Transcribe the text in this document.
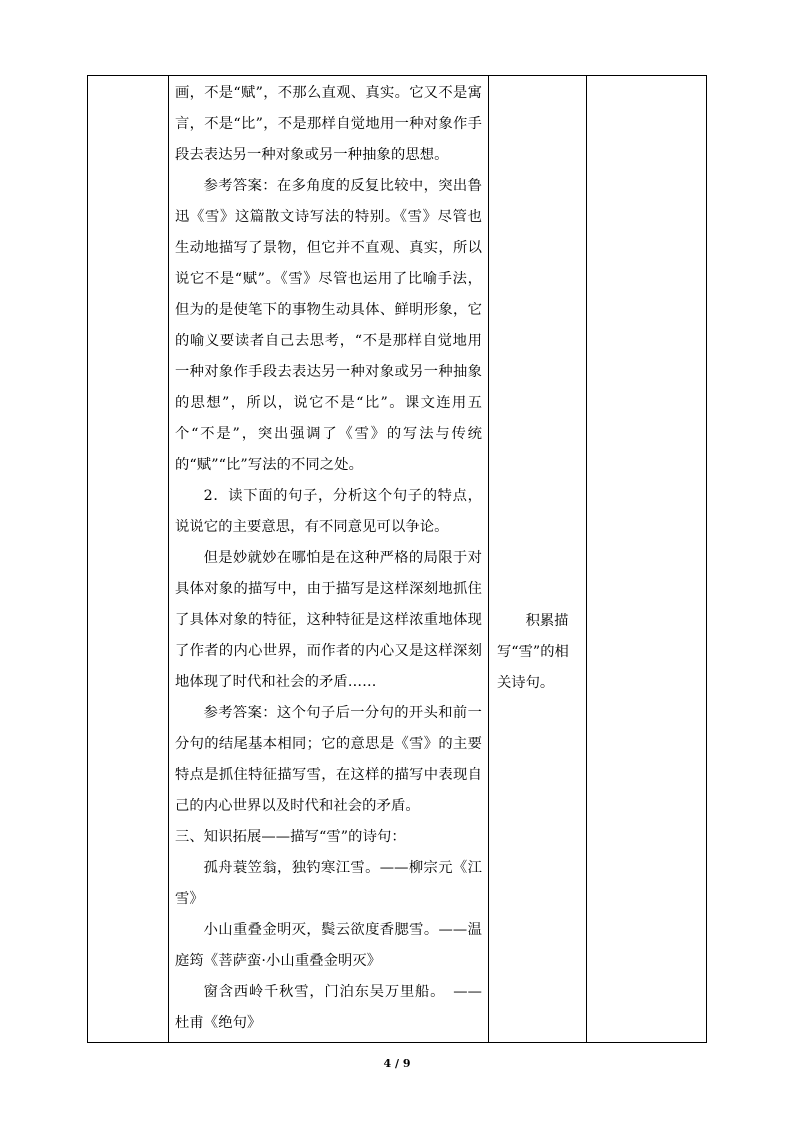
画，不是“赋”，不那么直观、真实。它又不是寓言，不是“比”，不是那样自觉地用一种对象作手段去表达另一种对象或另一种抽象的思想。

参考答案：在多角度的反复比较中，突出鲁迅《雪》这篇散文诗写法的特别。《雪》尽管也生动地描写了景物，但它并不直观、真实，所以说它不是“赋”。《雪》尽管也运用了比喻手法，但为的是使笔下的事物生动具体、鲜明形象，它的喻义要读者自己去思考，“不是那样自觉地用一种对象作手段去表达另一种对象或另一种抽象的思想”，所以，说它不是“比”。课文连用五个“不是”，突出强调了《雪》的写法与传统的“赋”“比”写法的不同之处。

2．读下面的句子，分析这个句子的特点，说说它的主要意思，有不同意见可以争论。

但是妙就妙在哪怕是在这种严格的局限于对具体对象的描写中，由于描写是这样深刻地抓住了具体对象的特征，这种特征是这样浓重地体现了作者的内心世界，而作者的内心又是这样深刻地体现了时代和社会的矛盾……

参考答案：这个句子后一分句的开头和前一分句的结尾基本相同；它的意思是《雪》的主要特点是抓住特征描写雪，在这样的描写中表现自己的内心世界以及时代和社会的矛盾。

三、知识拓展——描写“雪”的诗句：

孤舟蓑笠翁，独钓寒江雪。——柳宗元《江雪》

小山重叠金明灭，鬓云欲度香腮雪。——温庭筠《菩萨蛮·小山重叠金明灭》

窗含西岭千秋雪，门泊东吴万里船。　——杜甫《绝句》

积累描写“雪”的相关诗句。
4 / 9
